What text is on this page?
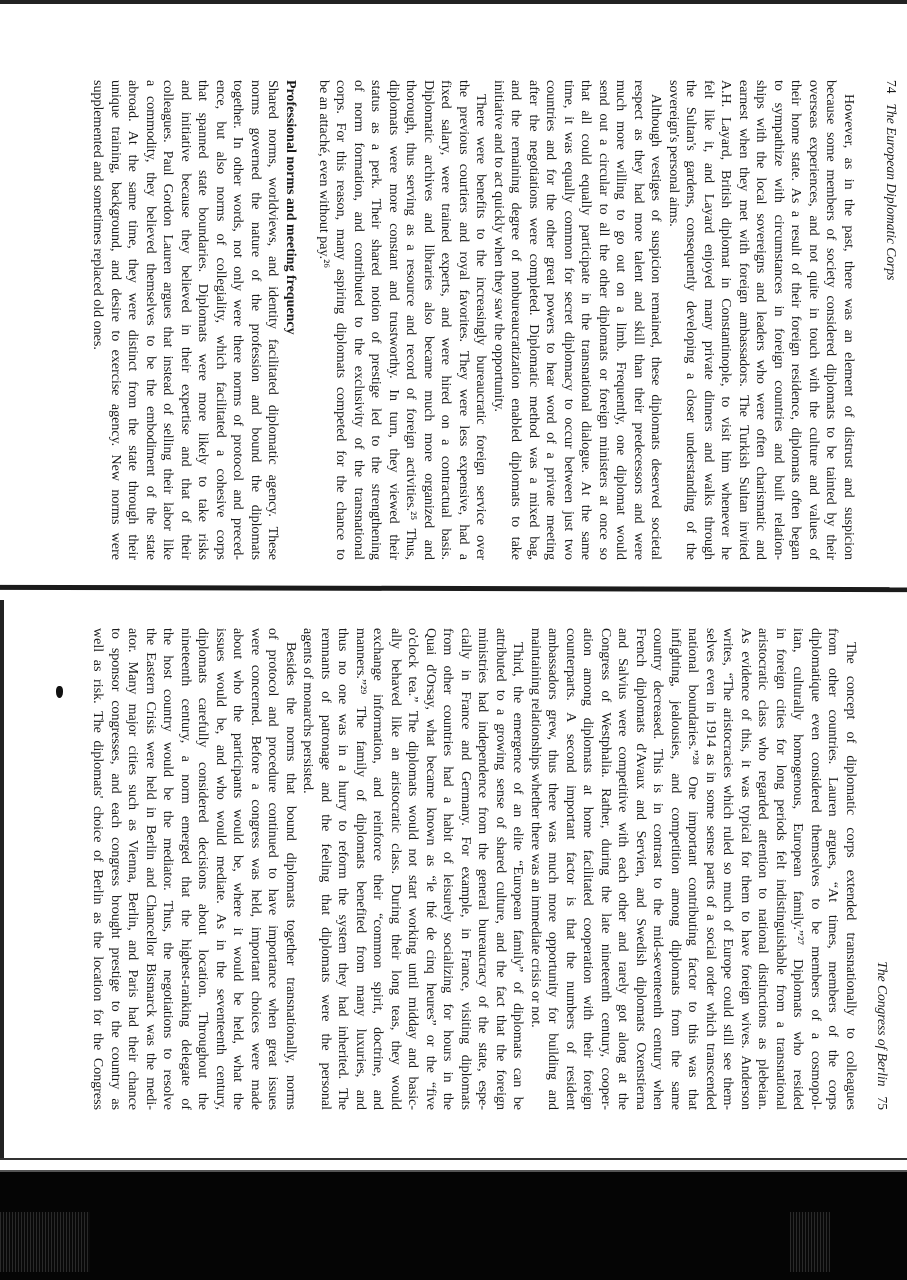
74The European Diplomatic Corps
However, as in the past, there was an element of distrust and suspicion
because some members of society considered diplomats to be tainted by their
overseas experiences, and not quite in touch with the culture and values of
their home state. As a result of their foreign residence, diplomats often began
to sympathize with circumstances in foreign countries and built relation-
ships with the local sovereigns and leaders who were often charismatic and
earnest when they met with foreign ambassadors. The Turkish Sultan invited
A.H. Layard, British diplomat in Constantinople, to visit him whenever he
felt like it, and Layard enjoyed many private dinners and walks through
the Sultan's gardens, consequently developing a closer understanding of the
sovereign's personal aims.
Although vestiges of suspicion remained, these diplomats deserved societal
respect as they had more talent and skill than their predecessors and were
much more willing to go out on a limb. Frequently, one diplomat would
send out a circular to all the other diplomats or foreign ministers at once so
that all could equally participate in the transnational dialogue. At the same
time, it was equally common for secret diplomacy to occur between just two
countries and for the other great powers to hear word of a private meeting
after the negotiations were completed. Diplomatic method was a mixed bag,
and the remaining degree of nonbureaucratization enabled diplomats to take
initiative and to act quickly when they saw the opportunity.
There were benefits to the increasingly bureaucratic foreign service over
the previous courtiers and royal favorites. They were less expensive, had a
fixed salary, were trained experts, and were hired on a contractual basis.
Diplomatic archives and libraries also became much more organized and
thorough, thus serving as a resource and record of foreign activities.²⁵ Thus,
diplomats were more constant and trustworthy. In turn, they viewed their
status as a perk. Their shared notion of prestige led to the strengthening
of norm formation, and contributed to the exclusivity of the transnational
corps. For this reason, many aspiring diplomats competed for the chance to
be an attaché, even without pay.²⁶
Professional norms and meeting frequency
Shared norms, worldviews, and identity facilitated diplomatic agency. These
norms governed the nature of the profession and bound the diplomats
together. In other words, not only were there norms of protocol and preced-
ence, but also norms of collegiality, which facilitated a cohesive corps
that spanned state boundaries. Diplomats were more likely to take risks
and initiative because they believed in their expertise and that of their
colleagues. Paul Gordon Lauren argues that instead of selling their labor like
a commodity, they believed themselves to be the embodiment of the state
abroad. At the same time, they were distinct from the state through their
unique training, background, and desire to exercise agency. New norms were
supplemented and sometimes replaced old ones.
The Congress of Berlin75
The concept of diplomatic corps extended transnationally to colleagues
from other countries. Lauren argues, “At times, members of the corps
diplomatique even considered themselves to be members of a cosmopol-
itan, culturally homogenous, European family.”²⁷ Diplomats who resided
in foreign cities for long periods felt indistinguishable from a transnational
aristocratic class who regarded attention to national distinctions as plebeian.
As evidence of this, it was typical for them to have foreign wives. Anderson
writes, “The aristocracies which ruled so much of Europe could still see them-
selves even in 1914 as in some sense parts of a social order which transcended
national boundaries.”²⁸ One important contributing factor to this was that
infighting, jealousies, and competition among diplomats from the same
country decreased. This is in contrast to the mid-seventeenth century when
French diplomats d'Avaux and Servien, and Swedish diplomats Oxenstierna
and Salvius were competitive with each other and rarely got along at the
Congress of Westphalia. Rather, during the late nineteenth century, cooper-
ation among diplomats at home facilitated cooperation with their foreign
counterparts. A second important factor is that the numbers of resident
ambassadors grew, thus there was much more opportunity for building and
maintaining relationships whether there was an immediate crisis or not.
Third, the emergence of an elite “European family” of diplomats can be
attributed to a growing sense of shared culture, and the fact that the foreign
ministries had independence from the general bureaucracy of the state, espe-
cially in France and Germany. For example, in France, visiting diplomats
from other countries had a habit of leisurely socializing for hours in the
Quai d'Orsay, what became known as “le thé de cinq heures” or the “five
o'clock tea.” The diplomats would not start working until midday and basic-
ally behaved like an aristocratic class. During their long teas, they would
exchange information, and reinforce their “common spirit, doctrine, and
manners.”²⁹ The family of diplomats benefited from many luxuries, and
thus no one was in a hurry to reform the system they had inherited. The
remnants of patronage and the feeling that diplomats were the personal
agents of monarchs persisted.
Besides the norms that bound diplomats together transnationally, norms
of protocol and procedure continued to have importance when great issues
were concerned. Before a congress was held, important choices were made
about who the participants would be, where it would be held, what the
issues would be, and who would mediate. As in the seventeenth century,
diplomats carefully considered decisions about location. Throughout the
nineteenth century, a norm emerged that the highest-ranking delegate of
the host country would be the mediator. Thus, the negotiations to resolve
the Eastern Crisis were held in Berlin and Chancellor Bismarck was the medi-
ator. Many major cities such as Vienna, Berlin, and Paris had their chance
to sponsor congresses, and each congress brought prestige to the country as
well as risk. The diplomats' choice of Berlin as the location for the Congress
